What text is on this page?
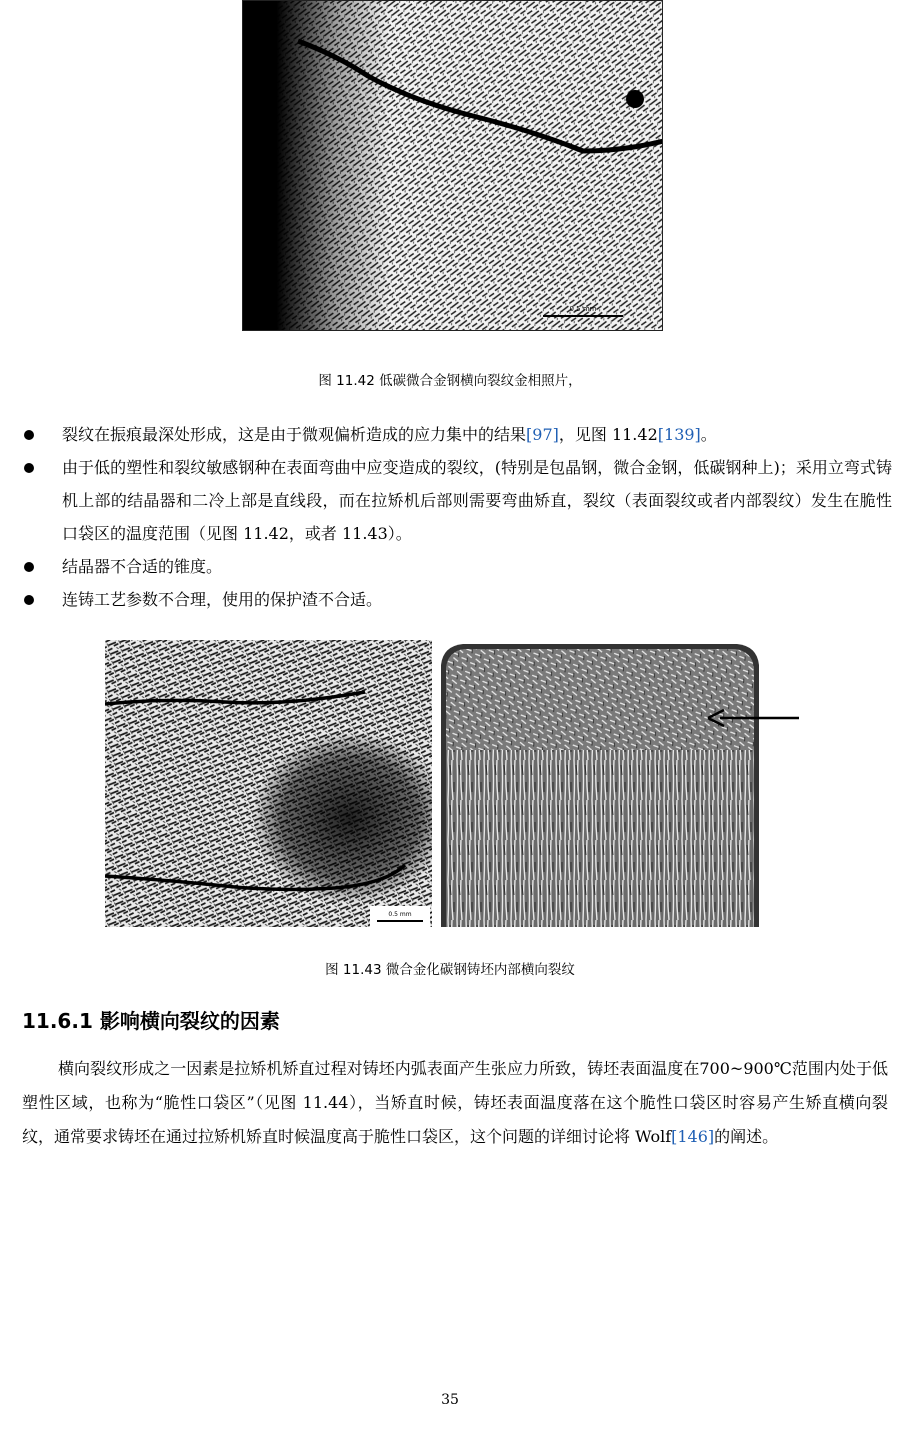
0.5 mm
图 11.42 低碳微合金钢横向裂纹金相照片，
裂纹在振痕最深处形成，这是由于微观偏析造成的应力集中的结果[97]，见图 11.42[139]。
由于低的塑性和裂纹敏感钢种在表面弯曲中应变造成的裂纹，(特别是包晶钢，微合金钢，低碳钢种上)；采用立弯式铸机上部的结晶器和二冷上部是直线段，而在拉矫机后部则需要弯曲矫直，裂纹（表面裂纹或者内部裂纹）发生在脆性口袋区的温度范围（见图 11.42，或者 11.43）。
结晶器不合适的锥度。
连铸工艺参数不合理，使用的保护渣不合适。
0.5 mm
图 11.43 微合金化碳钢铸坯内部横向裂纹
11.6.1 影响横向裂纹的因素
横向裂纹形成之一因素是拉矫机矫直过程对铸坯内弧表面产生张应力所致，铸坯表面温度在700~900℃范围内处于低塑性区域，也称为“脆性口袋区”（见图 11.44），当矫直时候，铸坯表面温度落在这个脆性口袋区时容易产生矫直横向裂纹，通常要求铸坯在通过拉矫机矫直时候温度高于脆性口袋区，这个问题的详细讨论将 Wolf[146]的阐述。
35
